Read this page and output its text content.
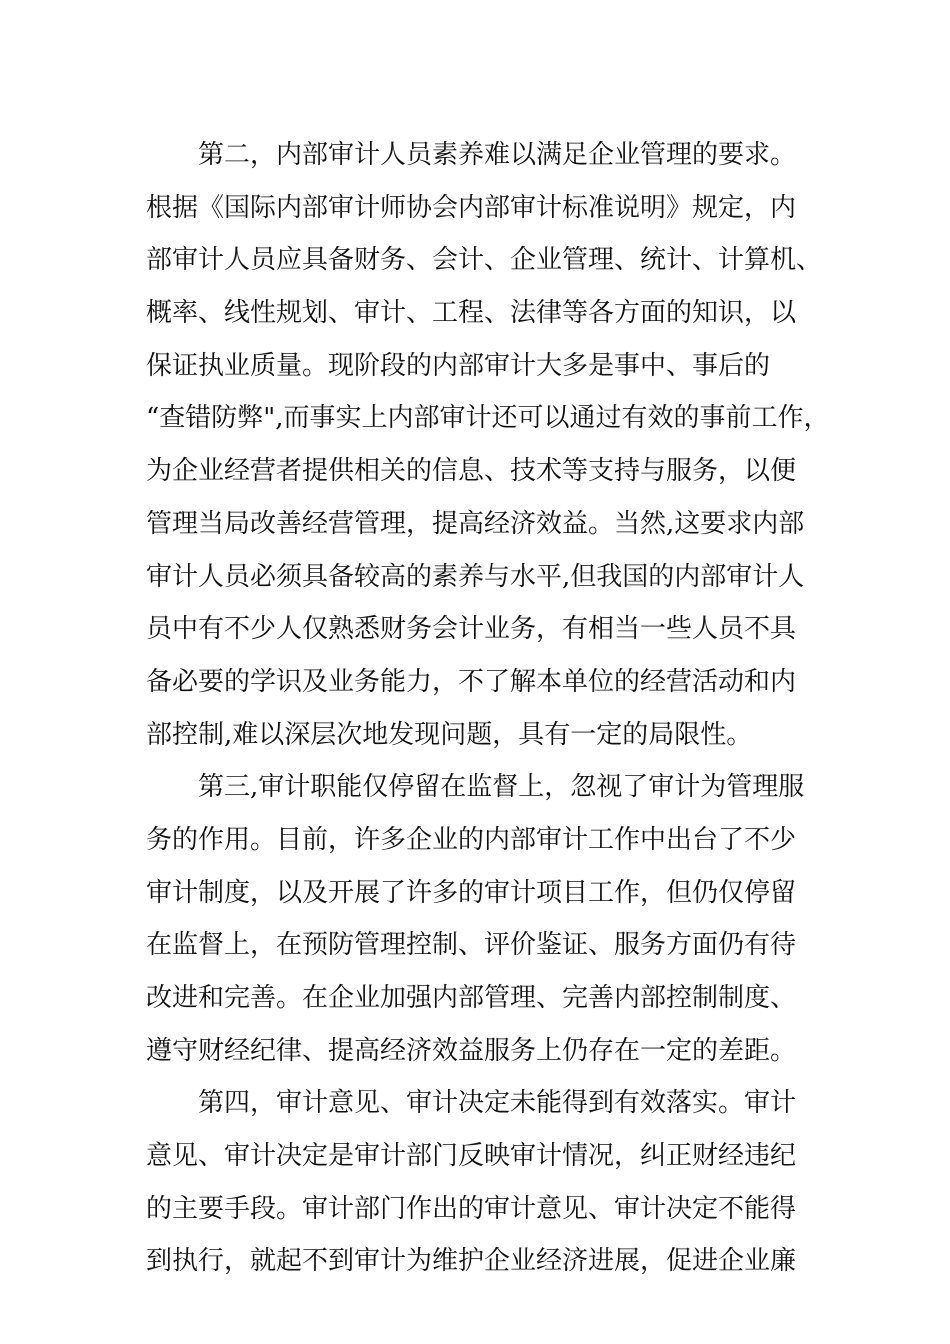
第二，内部审计人员素养难以满足企业管理的要求。
根据《国际内部审计师协会内部审计标准说明》规定，内
部审计人员应具备财务、会计、企业管理、统计、计算机、
概率、线性规划、审计、工程、法律等各方面的知识，以
保证执业质量。现阶段的内部审计大多是事中、事后的
“查错防弊",而事实上内部审计还可以通过有效的事前工作，
为企业经营者提供相关的信息、技术等支持与服务，以便
管理当局改善经营管理，提高经济效益。当然,这要求内部
审计人员必须具备较高的素养与水平,但我国的内部审计人
员中有不少人仅熟悉财务会计业务，有相当一些人员不具
备必要的学识及业务能力，不了解本单位的经营活动和内
部控制,难以深层次地发现问题，具有一定的局限性。
第三,审计职能仅停留在监督上，忽视了审计为管理服
务的作用。目前，许多企业的内部审计工作中出台了不少
审计制度，以及开展了许多的审计项目工作，但仍仅停留
在监督上，在预防管理控制、评价鉴证、服务方面仍有待
改进和完善。在企业加强内部管理、完善内部控制制度、
遵守财经纪律、提高经济效益服务上仍存在一定的差距。
第四，审计意见、审计决定未能得到有效落实。审计
意见、审计决定是审计部门反映审计情况，纠正财经违纪
的主要手段。审计部门作出的审计意见、审计决定不能得
到执行，就起不到审计为维护企业经济进展，促进企业廉
